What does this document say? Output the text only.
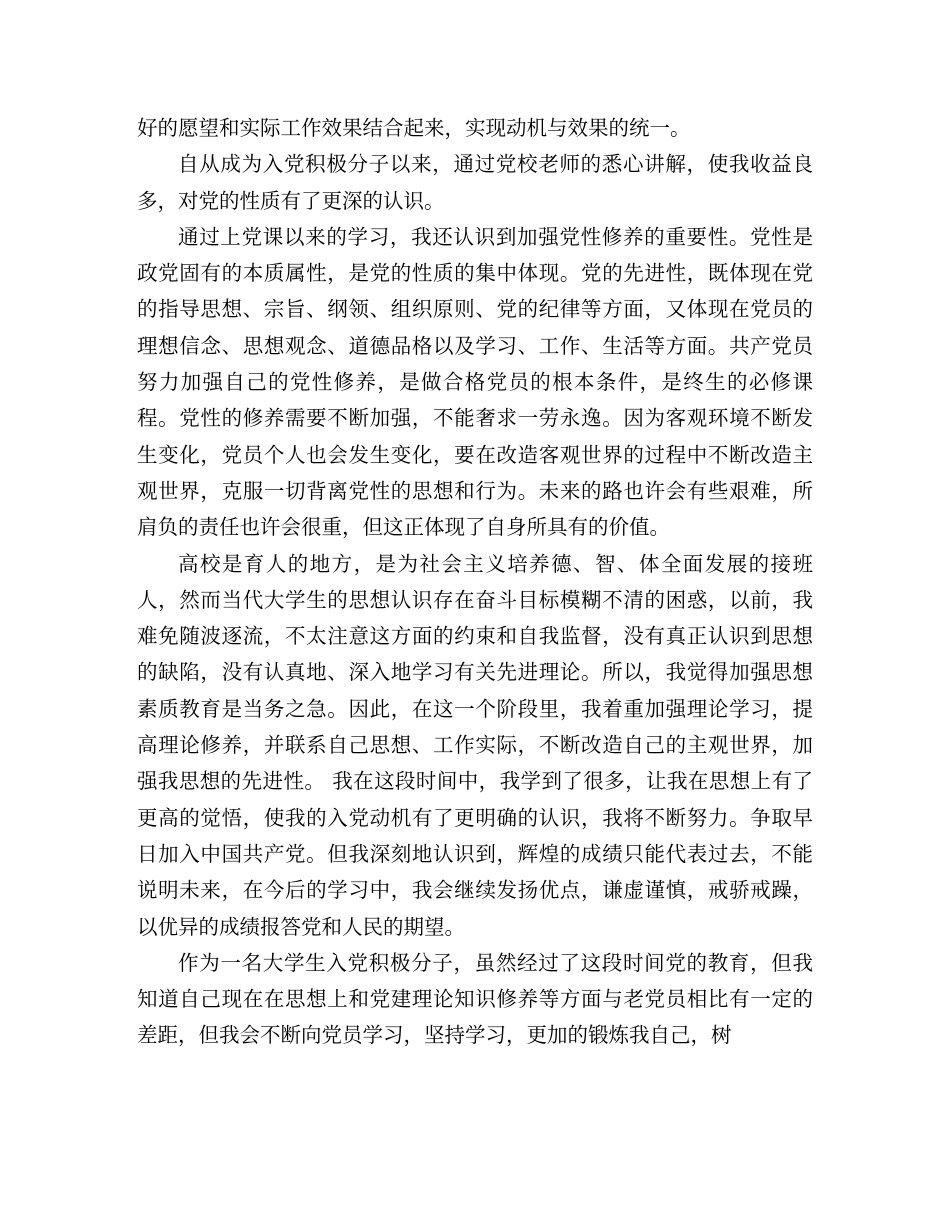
好的愿望和实际工作效果结合起来，实现动机与效果的统一。

自从成为入党积极分子以来，通过党校老师的悉心讲解，使我收益良多，对党的性质有了更深的认识。

通过上党课以来的学习，我还认识到加强党性修养的重要性。党性是政党固有的本质属性，是党的性质的集中体现。党的先进性，既体现在党的指导思想、宗旨、纲领、组织原则、党的纪律等方面，又体现在党员的理想信念、思想观念、道德品格以及学习、工作、生活等方面。共产党员努力加强自己的党性修养，是做合格党员的根本条件，是终生的必修课程。党性的修养需要不断加强，不能奢求一劳永逸。因为客观环境不断发生变化，党员个人也会发生变化，要在改造客观世界的过程中不断改造主观世界，克服一切背离党性的思想和行为。未来的路也许会有些艰难，所肩负的责任也许会很重，但这正体现了自身所具有的价值。

高校是育人的地方，是为社会主义培养德、智、体全面发展的接班人，然而当代大学生的思想认识存在奋斗目标模糊不清的困惑，以前，我难免随波逐流，不太注意这方面的约束和自我监督，没有真正认识到思想的缺陷，没有认真地、深入地学习有关先进理论。所以，我觉得加强思想素质教育是当务之急。因此，在这一个阶段里，我着重加强理论学习，提高理论修养，并联系自己思想、工作实际，不断改造自己的主观世界，加强我思想的先进性。 我在这段时间中，我学到了很多，让我在思想上有了更高的觉悟，使我的入党动机有了更明确的认识，我将不断努力。争取早日加入中国共产党。但我深刻地认识到，辉煌的成绩只能代表过去，不能说明未来，在今后的学习中，我会继续发扬优点，谦虚谨慎，戒骄戒躁，以优异的成绩报答党和人民的期望。

作为一名大学生入党积极分子，虽然经过了这段时间党的教育，但我知道自己现在在思想上和党建理论知识修养等方面与老党员相比有一定的差距，但我会不断向党员学习，坚持学习，更加的锻炼我自己，树
